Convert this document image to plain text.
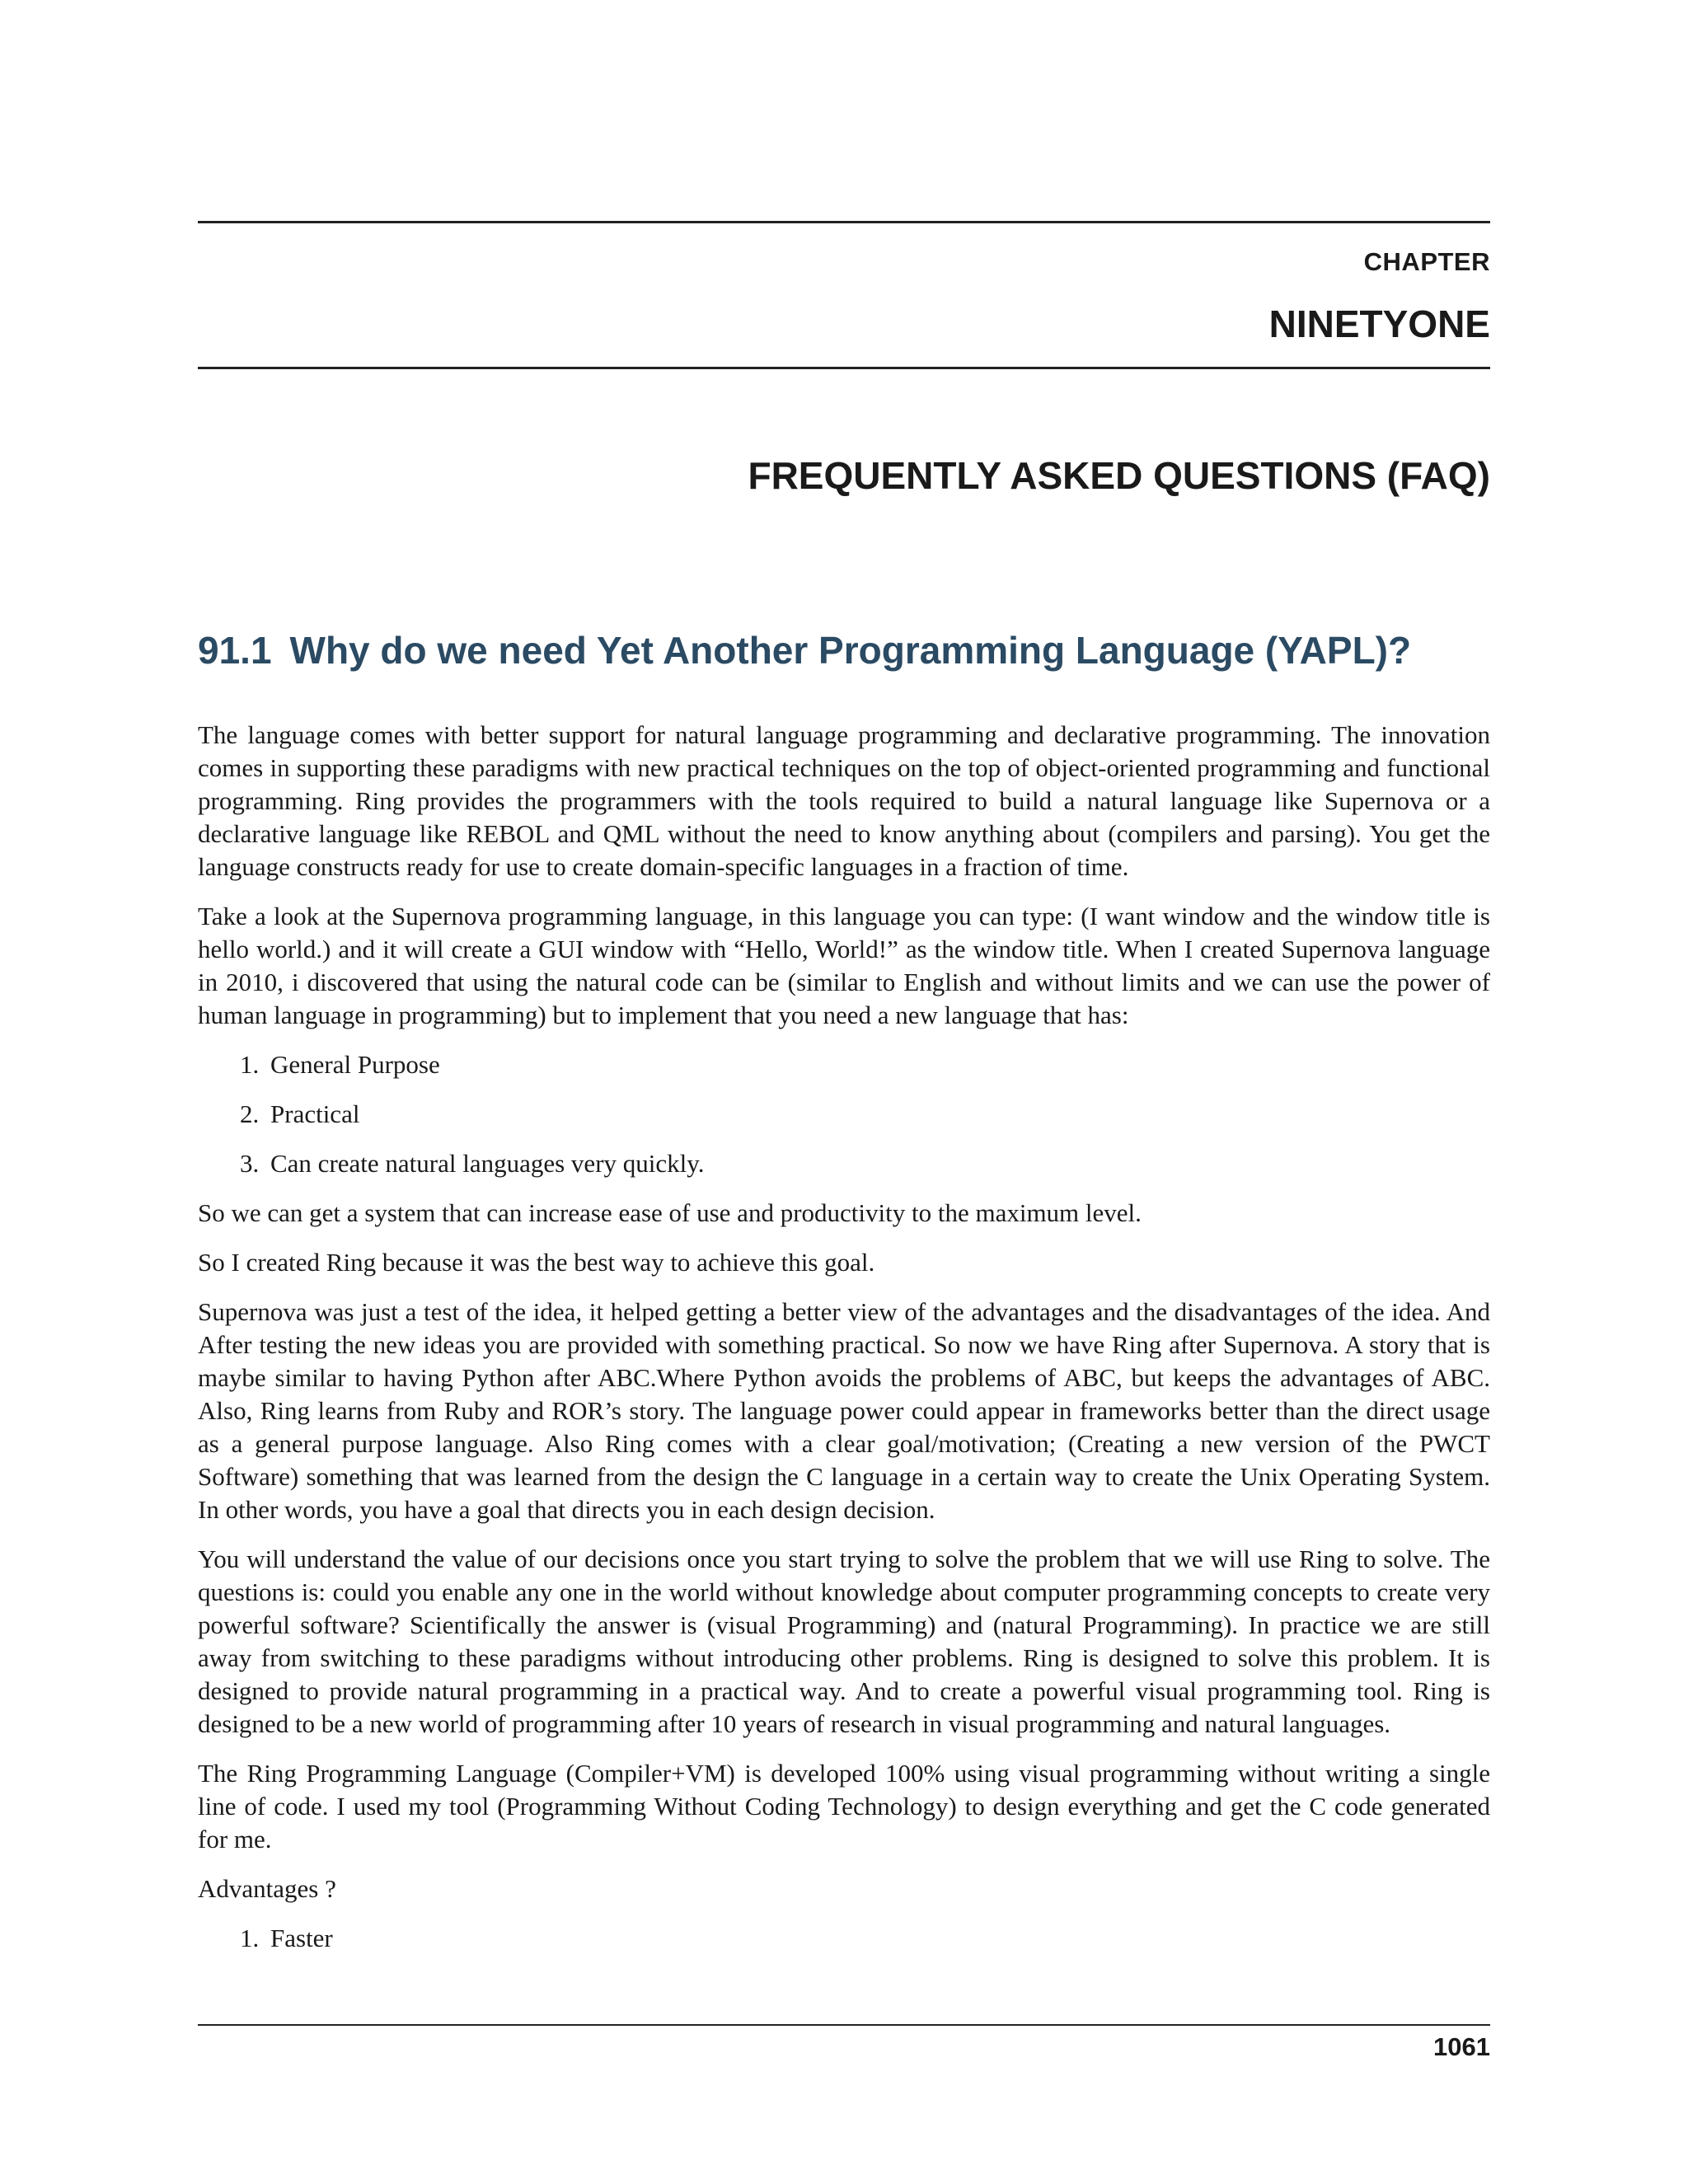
CHAPTER
NINETYONE
FREQUENTLY ASKED QUESTIONS (FAQ)
91.1 Why do we need Yet Another Programming Language (YAPL)?

The language comes with better support for natural language programming and declarative programming. The innovation comes in supporting these paradigms with new practical techniques on the top of object-oriented programming and functional programming. Ring provides the programmers with the tools required to build a natural language like Supernova or a declarative language like REBOL and QML without the need to know anything about (compilers and parsing). You get the language constructs ready for use to create domain-specific languages in a fraction of time.

Take a look at the Supernova programming language, in this language you can type: (I want window and the window title is hello world.) and it will create a GUI window with “Hello, World!” as the window title. When I created Supernova language in 2010, i discovered that using the natural code can be (similar to English and without limits and we can use the power of human language in programming) but to implement that you need a new language that has:

1. General Purpose
2. Practical
3. Can create natural languages very quickly.

So we can get a system that can increase ease of use and productivity to the maximum level.

So I created Ring because it was the best way to achieve this goal.

Supernova was just a test of the idea, it helped getting a better view of the advantages and the disadvantages of the idea. And After testing the new ideas you are provided with something practical. So now we have Ring after Supernova. A story that is maybe similar to having Python after ABC.Where Python avoids the problems of ABC, but keeps the advantages of ABC. Also, Ring learns from Ruby and ROR’s story. The language power could appear in frameworks better than the direct usage as a general purpose language. Also Ring comes with a clear goal/motivation; (Creating a new version of the PWCT Software) something that was learned from the design the C language in a certain way to create the Unix Operating System. In other words, you have a goal that directs you in each design decision.

You will understand the value of our decisions once you start trying to solve the problem that we will use Ring to solve. The questions is: could you enable any one in the world without knowledge about computer programming concepts to create very powerful software? Scientifically the answer is (visual Programming) and (natural Programming). In practice we are still away from switching to these paradigms without introducing other problems. Ring is designed to solve this problem. It is designed to provide natural programming in a practical way. And to create a powerful visual programming tool. Ring is designed to be a new world of programming after 10 years of research in visual programming and natural languages.

The Ring Programming Language (Compiler+VM) is developed 100% using visual programming without writing a single line of code. I used my tool (Programming Without Coding Technology) to design everything and get the C code generated for me.

Advantages ?

1. Faster
1061
